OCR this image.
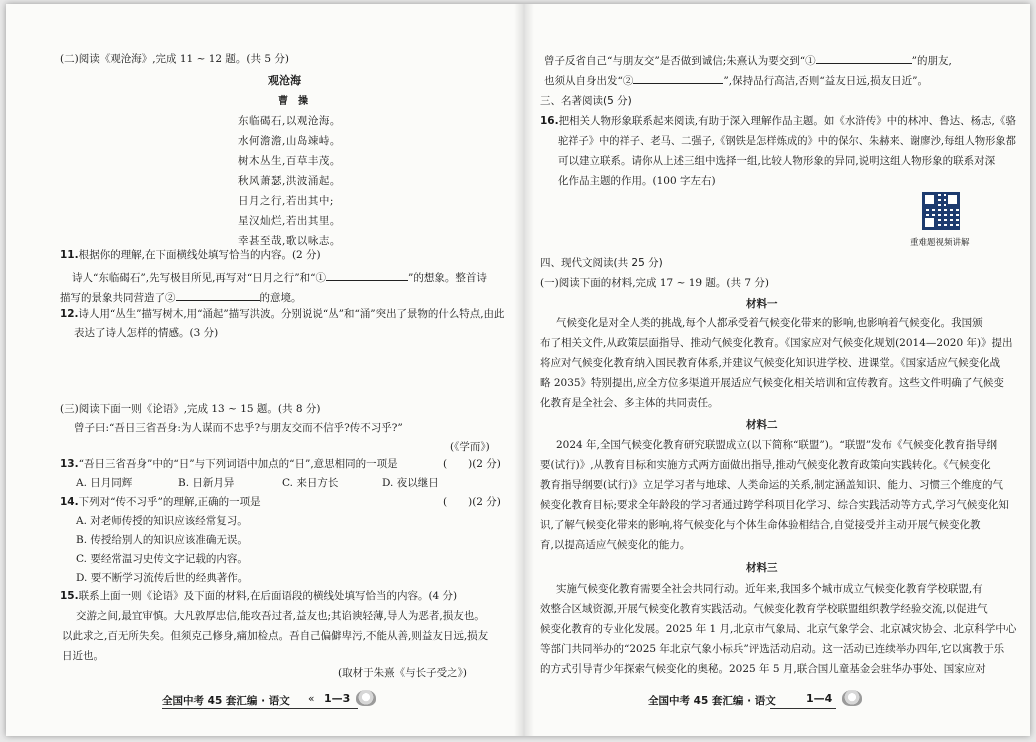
(二)阅读《观沧海》,完成 11 ~ 12 题。(共 5 分)
观沧海
曹　操
东临碣石,以观沧海。
水何澹澹,山岛竦峙。
树木丛生,百草丰茂。
秋风萧瑟,洪波涌起。
日月之行,若出其中;
星汉灿烂,若出其里。
幸甚至哉,歌以咏志。
11.根据你的理解,在下面横线处填写恰当的内容。(2 分)
诗人“东临碣石”,先写极目所见,再写对“日月之行”和“①	”的想象。整首诗
描写的景象共同营造了②	的意境。
12.诗人用“丛生”描写树木,用“涌起”描写洪波。分别说说“丛”和“涌”突出了景物的什么特点,由此
表达了诗人怎样的情感。(3 分)
(三)阅读下面一则《论语》,完成 13 ~ 15 题。(共 8 分)
曾子曰:“吾日三省吾身:为人谋而不忠乎?与朋友交而不信乎?传不习乎?”
(《学而》)
13.“吾日三省吾身”中的“日”与下列词语中加点的“日”,意思相同的一项是	(　　)(2 分)
A. 日月同辉	B. 日新月异	C. 来日方长	D. 夜以继日
14.下列对“传不习乎”的理解,正确的一项是	(　　)(2 分)
A. 对老师传授的知识应该经常复习。
B. 传授给别人的知识应该准确无误。
C. 要经常温习史传文字记载的内容。
D. 要不断学习流传后世的经典著作。
15.联系上面一则《论语》及下面的材料,在后面语段的横线处填写恰当的内容。(4 分)
交游之间,最宜审慎。大凡敦厚忠信,能攻吾过者,益友也;其谄谀轻薄,导人为恶者,损友也。
以此求之,百无所失矣。但须克己修身,痛加检点。吾自己偏僻卑污,不能从善,则益友日远,损友
日近也。
(取材于朱熹《与长子受之》)
全国中考 45 套汇编 · 语文 « 1—3
曾子反省自己“与朋友交”是否做到诚信;朱熹认为要交到“①	”的朋友,
也须从自身出发“②	”,保持品行高洁,否则“益友日远,损友日近”。
三、名著阅读(5 分)
16.把相关人物形象联系起来阅读,有助于深入理解作品主题。如《水浒传》中的林冲、鲁达、杨志,《骆
驼祥子》中的祥子、老马、二强子,《钢铁是怎样炼成的》中的保尔、朱赫来、谢廖沙,每组人物形象都
可以建立联系。请你从上述三组中选择一组,比较人物形象的异同,说明这组人物形象的联系对深
化作品主题的作用。(100 字左右)
重难题视频讲解
四、现代文阅读(共 25 分)
(一)阅读下面的材料,完成 17 ~ 19 题。(共 7 分)
材料一
气候变化是对全人类的挑战,每个人都承受着气候变化带来的影响,也影响着气候变化。我国颁
布了相关文件,从政策层面指导、推动气候变化教育。《国家应对气候变化规划(2014—2020 年)》提出
将应对气候变化教育纳入国民教育体系,并建议气候变化知识进学校、进课堂。《国家适应气候变化战
略 2035》特别提出,应全方位多渠道开展适应气候变化相关培训和宣传教育。这些文件明确了气候变
化教育是全社会、多主体的共同责任。
材料二
2024 年,全国气候变化教育研究联盟成立(以下简称“联盟”)。“联盟”发布《气候变化教育指导纲
要(试行)》,从教育目标和实施方式两方面做出指导,推动气候变化教育政策向实践转化。《气候变化
教育指导纲要(试行)》立足学习者与地球、人类命运的关系,制定涵盖知识、能力、习惯三个维度的气
候变化教育目标;要求全年龄段的学习者通过跨学科项目化学习、综合实践活动等方式,学习气候变化知
识,了解气候变化带来的影响,将气候变化与个体生命体验相结合,自觉接受并主动开展气候变化教
育,以提高适应气候变化的能力。
材料三
实施气候变化教育需要全社会共同行动。近年来,我国多个城市成立气候变化教育学校联盟,有
效整合区域资源,开展气候变化教育实践活动。气候变化教育学校联盟组织教学经验交流,以促进气
候变化教育的专业化发展。2025 年 1 月,北京市气象局、北京气象学会、北京减灾协会、北京科学中心
等部门共同举办的“2025 年北京气象小标兵”评选活动启动。这一活动已连续举办四年,它以寓教于乐
的方式引导青少年探索气候变化的奥秘。2025 年 5 月,联合国儿童基金会驻华办事处、国家应对
全国中考 45 套汇编 · 语文	1—4
